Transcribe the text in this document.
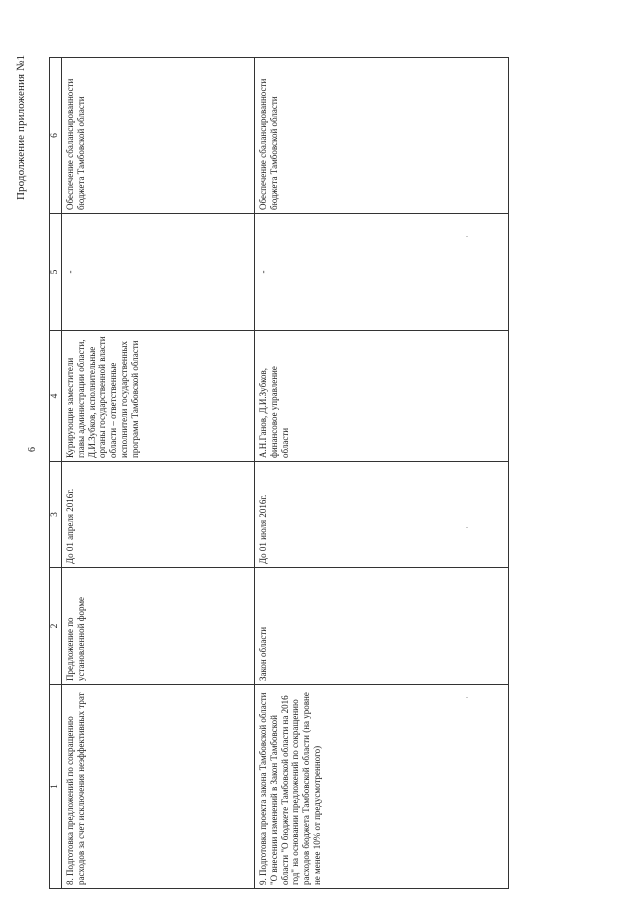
Продолжение приложения №1
6
1	2	3	4	5	6
8. Подготовка предложений по сокращению расходов за счет исключения неэффективных трат	Предложение по установленной форме	До 01 апреля 2016г.	Курирующие заместители главы администрации области, Д.И.Зубков, исполнительные органы государственной власти области – ответственные исполнители государственных программ Тамбовской области	-	Обеспечение сбалансированности бюджета Тамбовской области
9. Подготовка проекта закона Тамбовской области "О внесении изменений в Закон Тамбовской области "О бюджете Тамбовской области на 2016 год" на основании предложений по сокращению расходов бюджета Тамбовской области (на уровне не менее 10% от предусмотренного)	Закон области	До 01 июля 2016г.	А.Н.Ганов, Д.И.Зубков, финансовое управление области	-	Обеспечение сбалансированности бюджета Тамбовской области
